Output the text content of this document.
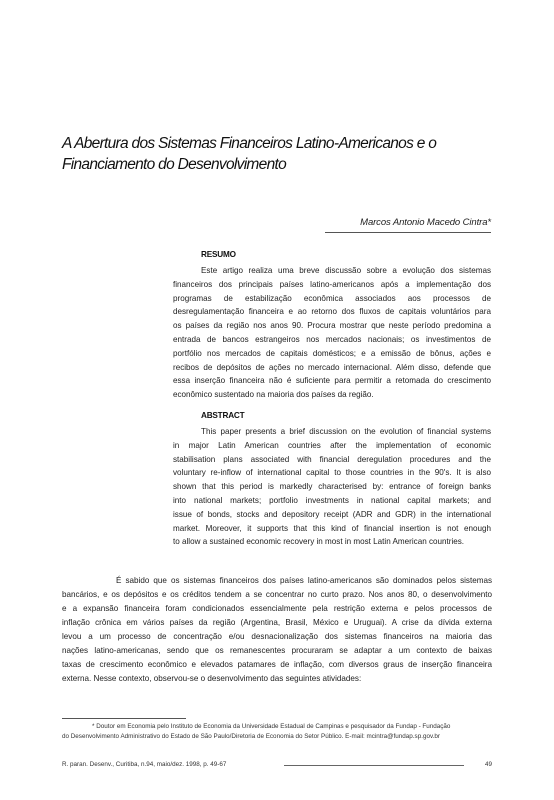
A Abertura dos Sistemas Financeiros Latino-Americanos e o
Financiamento do Desenvolvimento
Marcos Antonio Macedo Cintra*
RESUMO
Este artigo realiza uma breve discussão sobre a evolução dos sistemas
financeiros dos principais países latino-americanos após a implementação dos
programas de estabilização econômica associados aos processos de
desregulamentação financeira e ao retorno dos fluxos de capitais voluntários para
os países da região nos anos 90. Procura mostrar que neste período predomina a
entrada de bancos estrangeiros nos mercados nacionais; os investimentos de
portfólio nos mercados de capitais domésticos; e a emissão de bônus, ações e
recibos de depósitos de ações no mercado internacional. Além disso, defende que
essa inserção financeira não é suficiente para permitir a retomada do crescimento
econômico sustentado na maioria dos países da região.
ABSTRACT
This paper presents a brief discussion on the evolution of financial systems
in major Latin American countries after the implementation of economic
stabilisation plans associated with financial deregulation procedures and the
voluntary re-inflow of international capital to those countries in the 90's. It is also
shown that this period is markedly characterised by: entrance of foreign banks
into national markets; portfolio investments in national capital markets; and
issue of bonds, stocks and depository receipt (ADR and GDR) in the international
market. Moreover, it supports that this kind of financial insertion is not enough
to allow a sustained economic recovery in most in most Latin American countries.
É sabido que os sistemas financeiros dos países latino-americanos são dominados pelos sistemas
bancários, e os depósitos e os créditos tendem a se concentrar no curto prazo. Nos anos 80, o desenvolvimento
e a expansão financeira foram condicionados essencialmente pela restrição externa e pelos processos de
inflação crônica em vários países da região (Argentina, Brasil, México e Uruguai). A crise da dívida externa
levou a um processo de concentração e/ou desnacionalização dos sistemas financeiros na maioria das
nações latino-americanas, sendo que os remanescentes procuraram se adaptar a um contexto de baixas
taxas de crescimento econômico e elevados patamares de inflação, com diversos graus de inserção financeira
externa. Nesse contexto, observou-se o desenvolvimento das seguintes atividades:
* Doutor em Economia pelo Instituto de Economia da Universidade Estadual de Campinas e pesquisador da Fundap - Fundação
do Desenvolvimento Administrativo do Estado de São Paulo/Diretoria de Economia do Setor Público. E-mail: mcintra@fundap.sp.gov.br
R. paran. Desenv., Curitiba, n.94, maio/dez. 1998, p. 49-67	49
